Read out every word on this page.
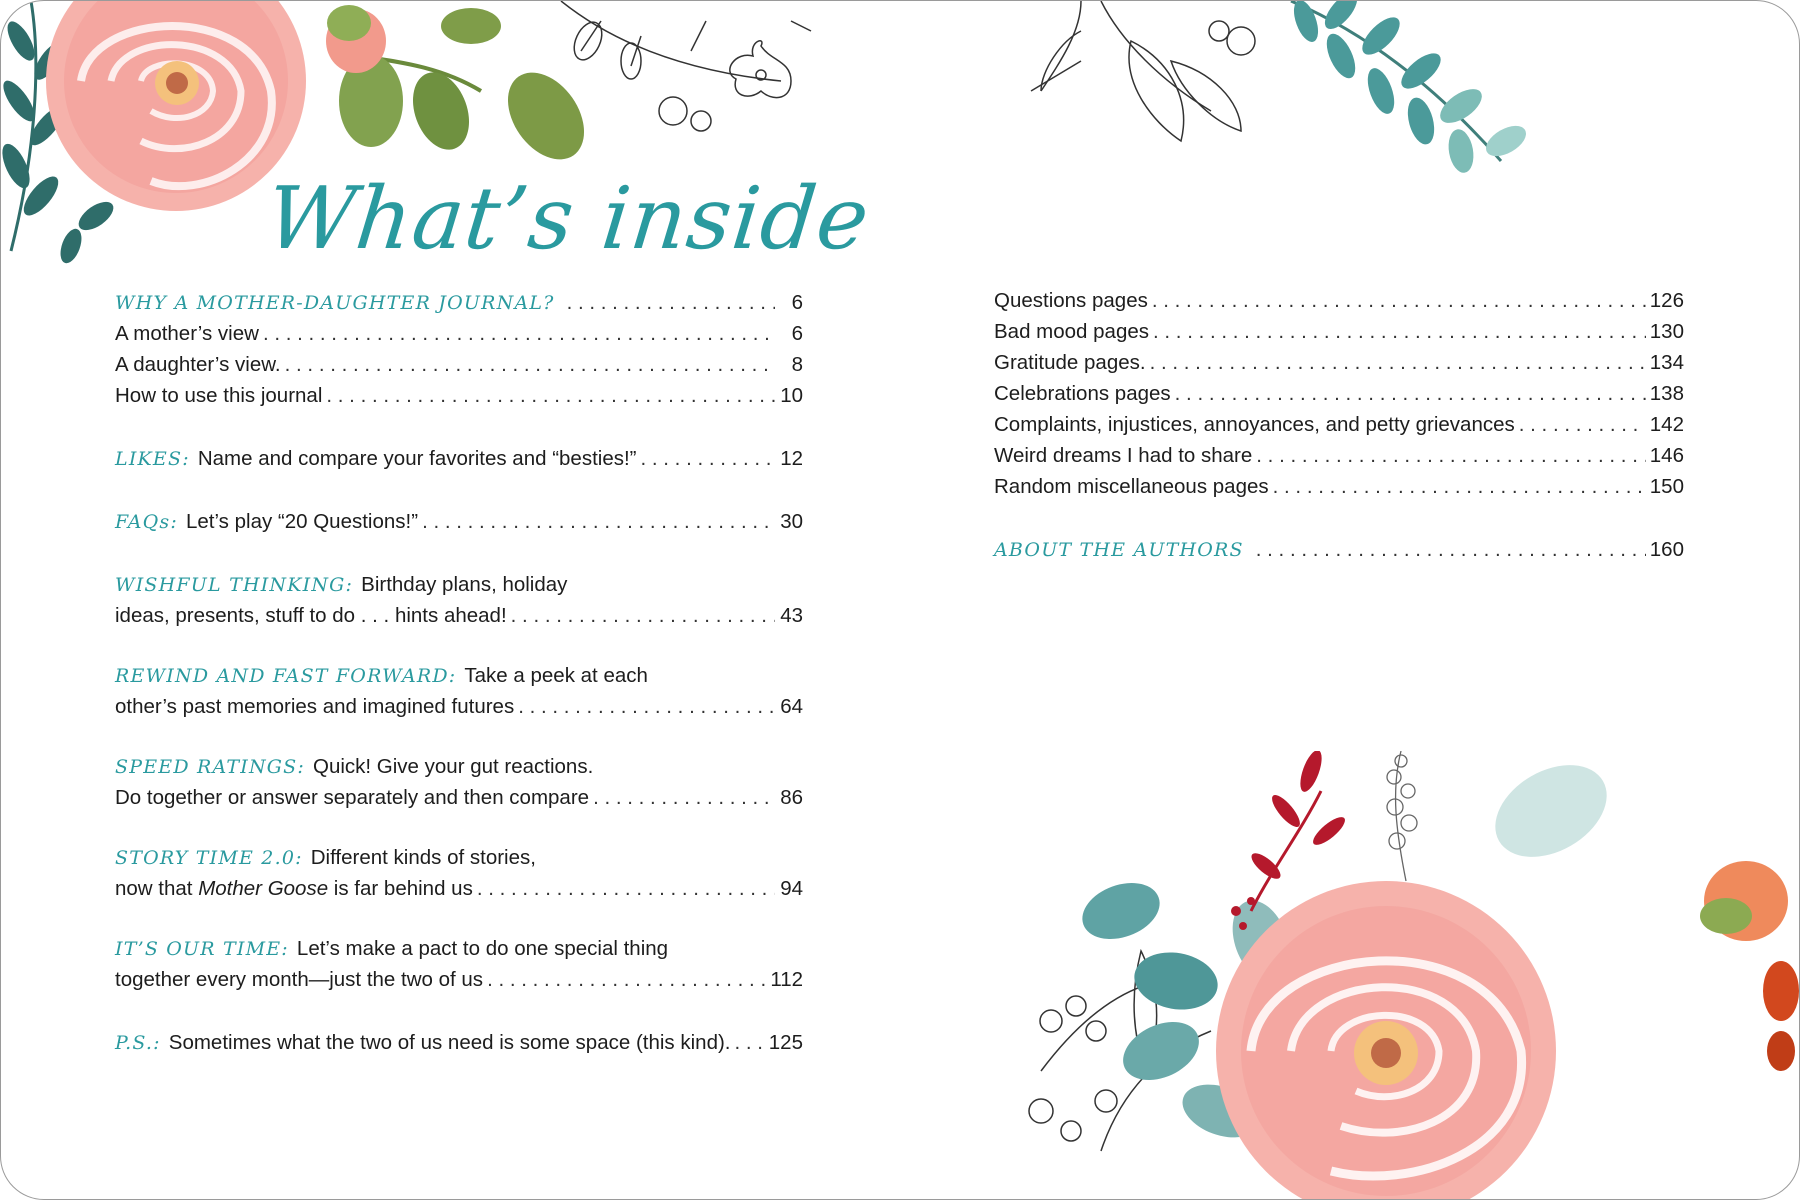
What’s inside
WHY A MOTHER-DAUGHTER JOURNAL? . . .	6
A mother’s view . . .	6
A daughter’s view. . . .	8
How to use this journal . . .	10
LIKES: Name and compare your favorites and “besties!” . . .	12
FAQs: Let’s play “20 Questions!” . . .	30
WISHFUL THINKING: Birthday plans, holiday
ideas, presents, stuff to do . . . hints ahead! . . .	43
REWIND AND FAST FORWARD: Take a peek at each
other’s past memories and imagined futures . . .	64
SPEED RATINGS: Quick! Give your gut reactions.
Do together or answer separately and then compare . . .	86
STORY TIME 2.0: Different kinds of stories,
now that Mother Goose is far behind us . . .	94
IT’S OUR TIME: Let’s make a pact to do one special thing
together every month—just the two of us . . .	112
P.S.: Sometimes what the two of us need is some space (this kind). . . . 125
Questions pages . . .	126
Bad mood pages . . .	130
Gratitude pages. . . .	134
Celebrations pages . . .	138
Complaints, injustices, annoyances, and petty grievances . . .	142
Weird dreams I had to share . . .	146
Random miscellaneous pages . . .	150
ABOUT THE AUTHORS . . .	160
